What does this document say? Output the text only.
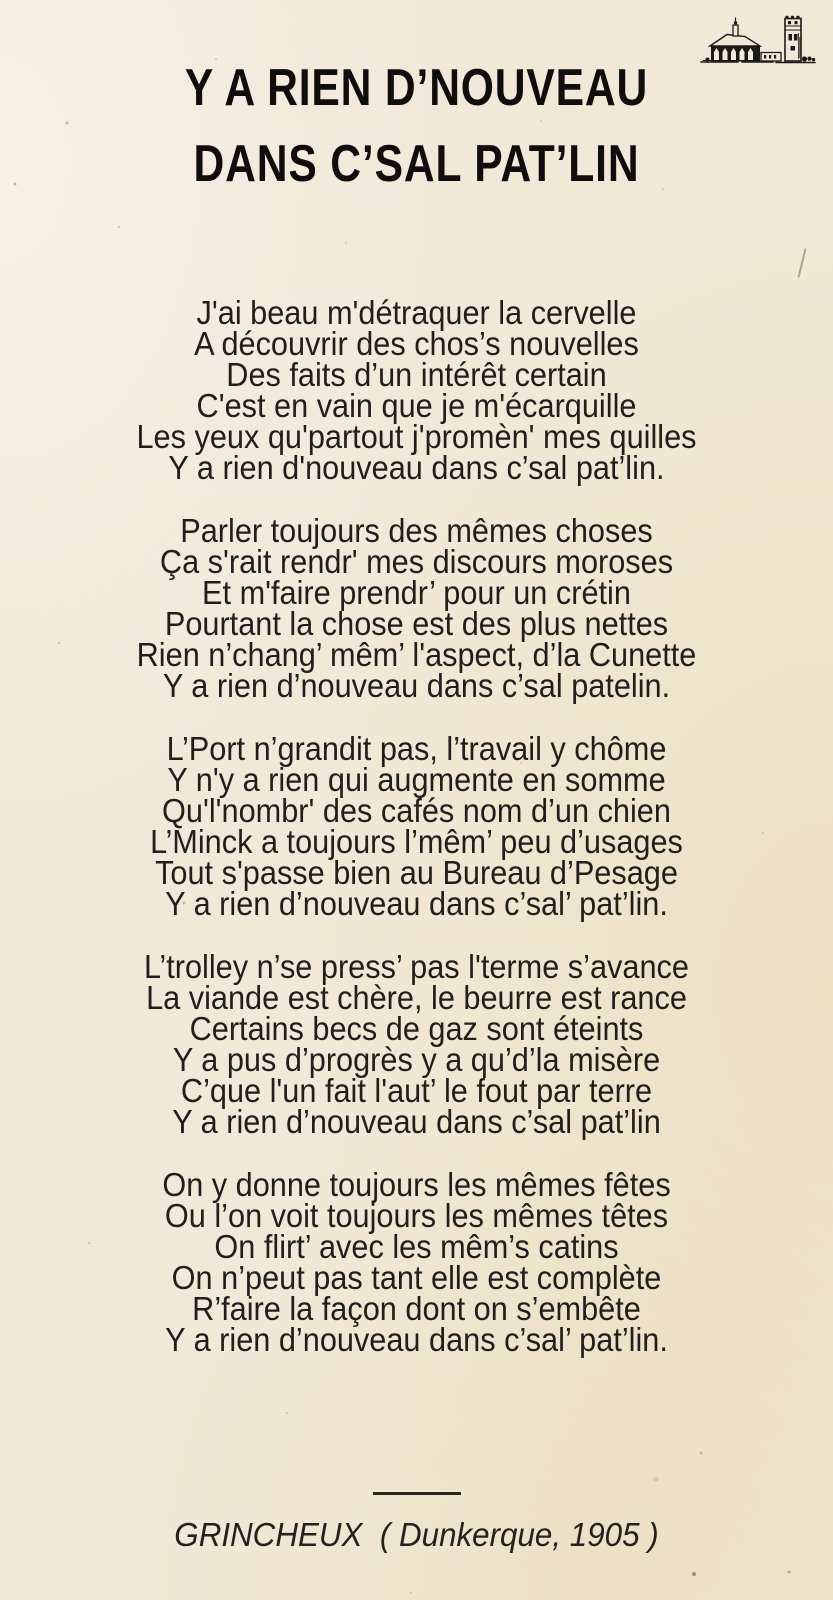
Y A RIEN D’NOUVEAU
DANS C’SAL PAT’LIN
J'ai beau m'détraquer la cervelle
A découvrir des chos’s nouvelles
Des faits d’un intérêt certain
C'est en vain que je m'écarquille
Les yeux qu'partout j'promèn' mes quilles
Y a rien d'nouveau dans c’sal pat’lin.
Parler toujours des mêmes choses
Ça s'rait rendr' mes discours moroses
Et m'faire prendr’ pour un crétin
Pourtant la chose est des plus nettes
Rien n’chang’ mêm’ l'aspect, d’la Cunette
Y a rien d’nouveau dans c’sal patelin.
L’Port n’grandit pas, l’travail y chôme
Y n'y a rien qui augmente en somme
Qu'l'nombr' des cafés nom d’un chien
L’Minck a toujours l’mêm’ peu d’usages
Tout s'passe bien au Bureau d’Pesage
Y a rien d’nouveau dans c’sal’ pat’lin.
L’trolley n’se press’ pas l'terme s’avance
La viande est chère, le beurre est rance
Certains becs de gaz sont éteints
Y a pus d’progrès y a qu’d’la misère
C’que l'un fait l'aut’ le fout par terre
Y a rien d’nouveau dans c’sal pat’lin
On y donne toujours les mêmes fêtes
Ou l’on voit toujours les mêmes têtes
On flirt’ avec les mêm’s catins
On n’peut pas tant elle est complète
R’faire la façon dont on s’embête
Y a rien d’nouveau dans c’sal’ pat’lin.
GRINCHEUX  ( Dunkerque, 1905 )
